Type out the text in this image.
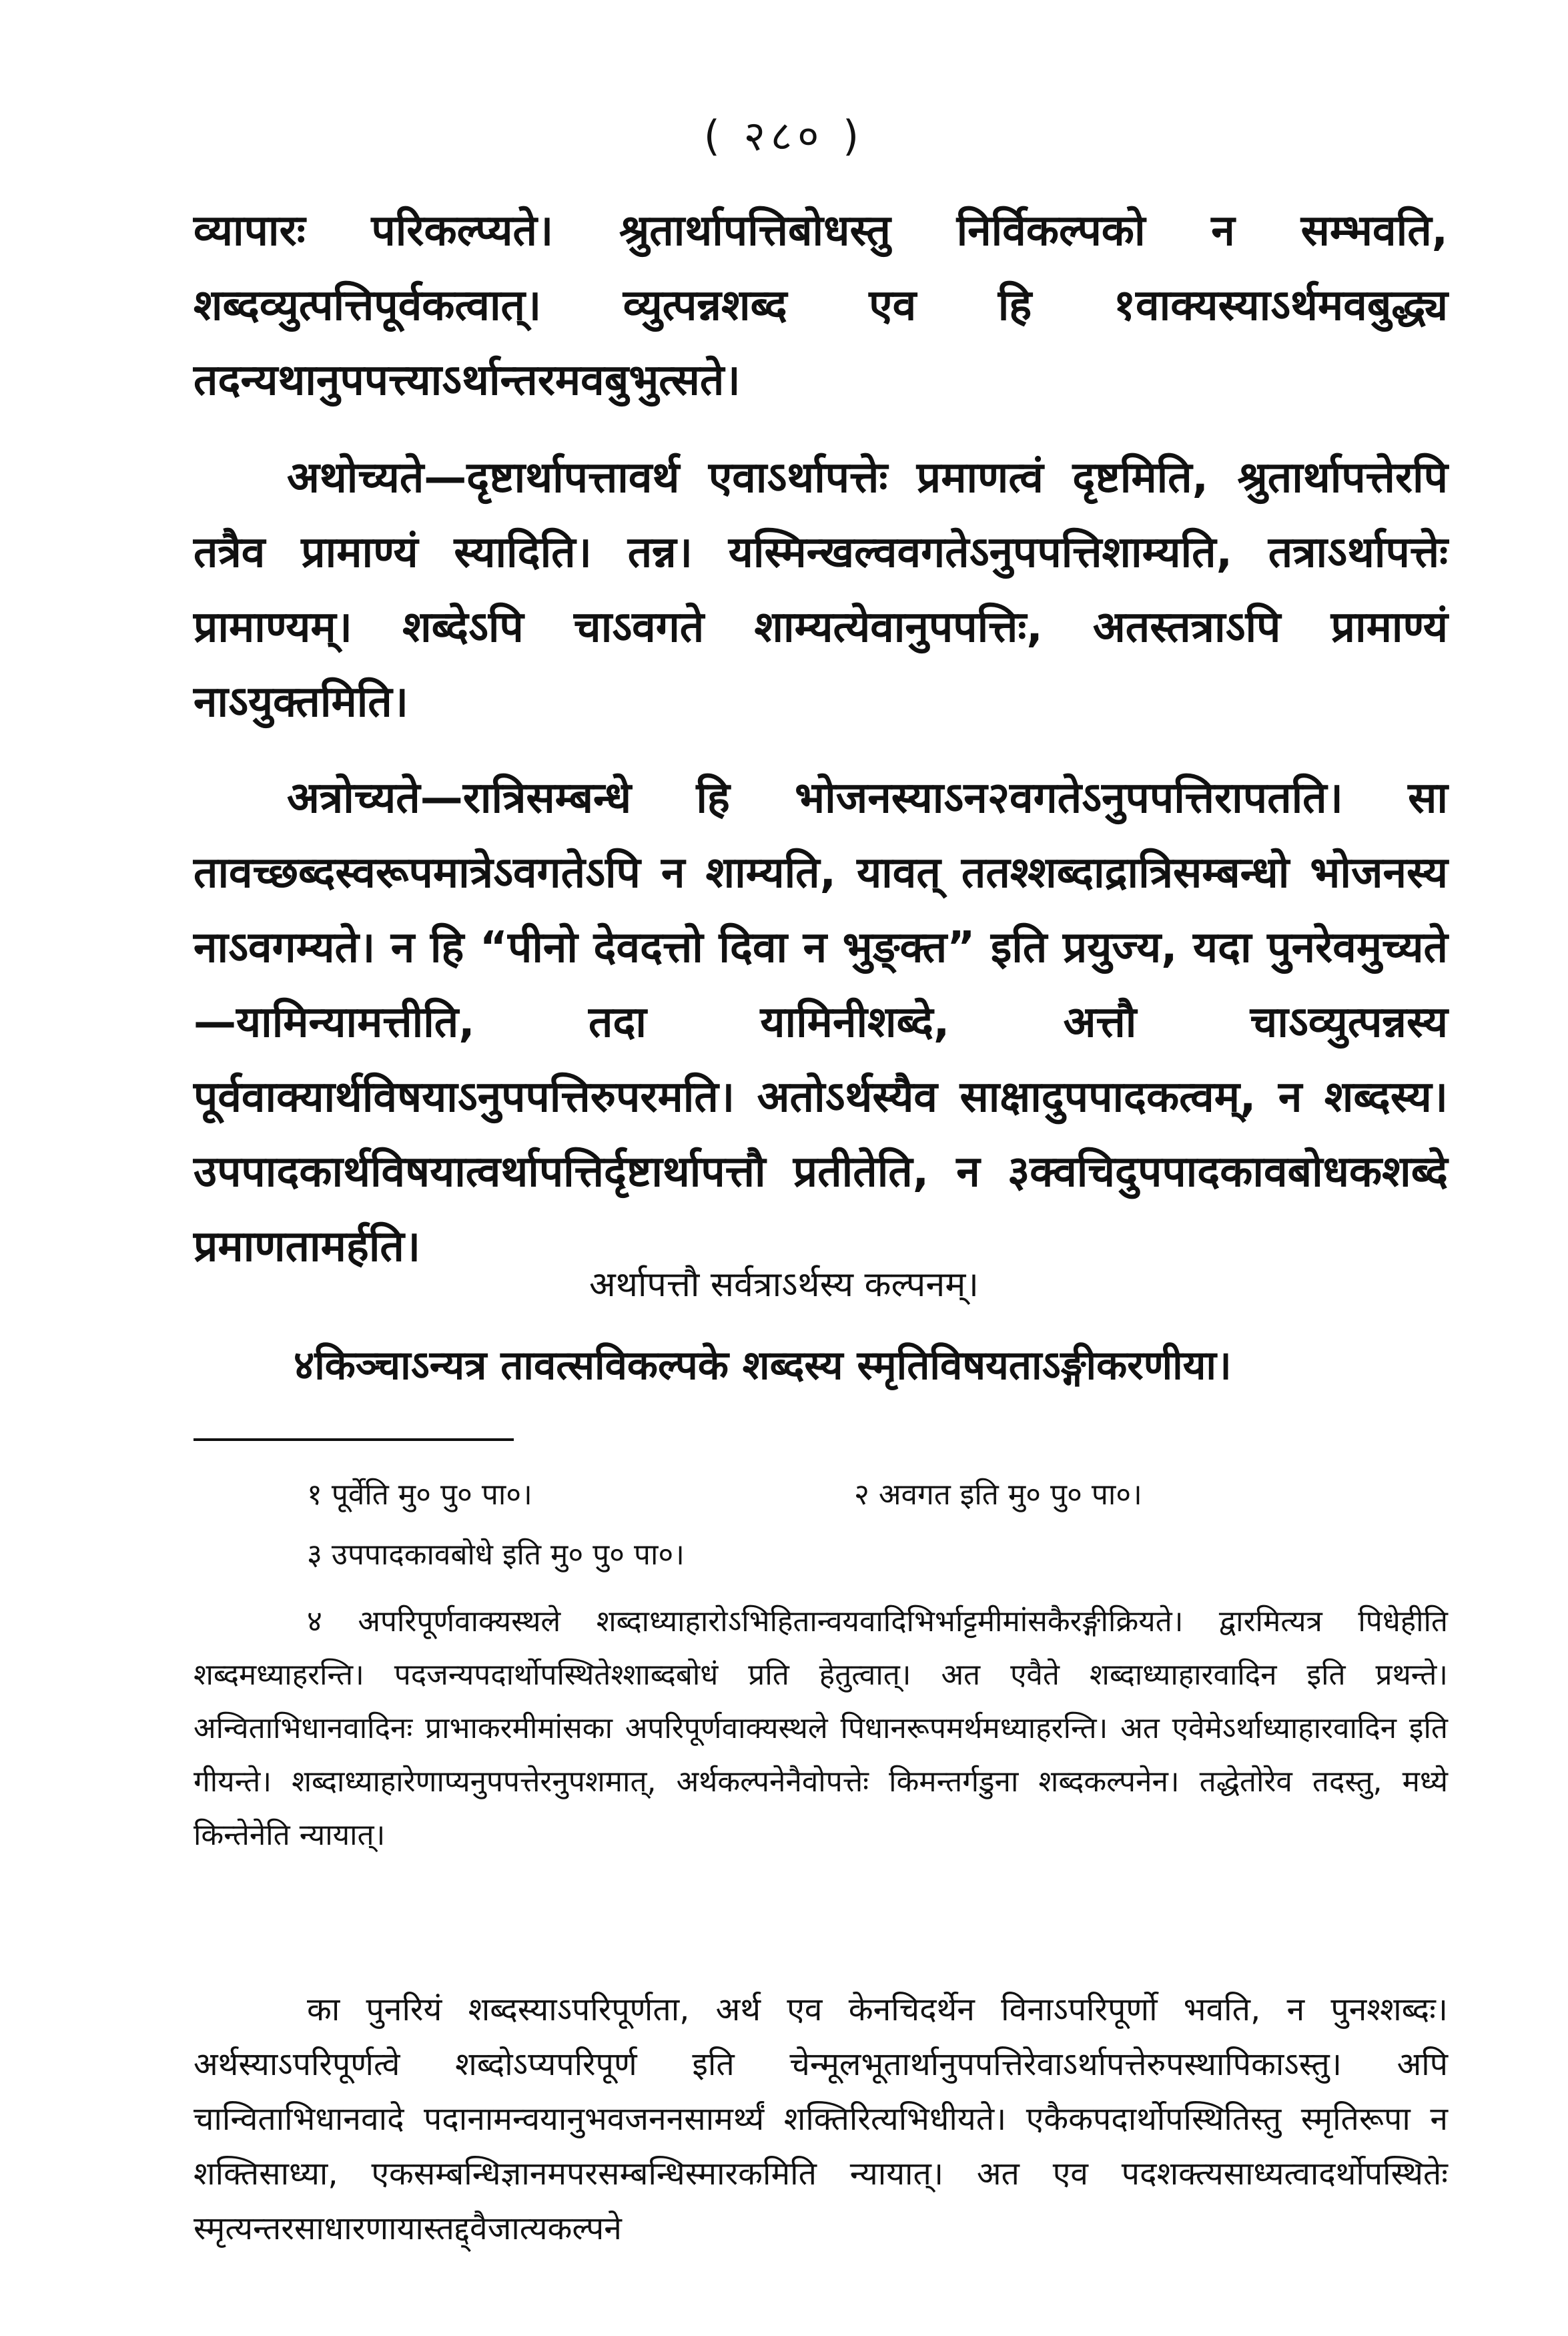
( २८० )

व्यापारः परिकल्प्यते। श्रुतार्थापत्तिबोधस्तु निर्विकल्पको न सम्भवति, शब्दव्युत्पत्तिपूर्वकत्वात्। व्युत्पन्नशब्द एव हि १वाक्यस्याऽर्थमवबुद्ध्य तदन्यथानुपपत्त्याऽर्थान्तरमवबुभुत्सते।

अथोच्यते—दृष्टार्थापत्तावर्थ एवाऽर्थापत्तेः प्रमाणत्वं दृष्टमिति, श्रुतार्थापत्तेरपि तत्रैव प्रामाण्यं स्यादिति। तन्न। यस्मिन्खल्ववगतेऽनुपपत्तिशाम्यति, तत्राऽर्थापत्तेः प्रामाण्यम्। शब्देऽपि चाऽवगते शाम्यत्येवानुपपत्तिः, अतस्तत्राऽपि प्रामाण्यं नाऽयुक्तमिति।

अत्रोच्यते—रात्रिसम्बन्धे हि भोजनस्याऽन२वगतेऽनुपपत्तिरापतति। सा तावच्छब्दस्वरूपमात्रेऽवगतेऽपि न शाम्यति, यावत् ततश्शब्दाद्रात्रिसम्बन्धो भोजनस्य नाऽवगम्यते। न हि “पीनो देवदत्तो दिवा न भुङ्क्त” इति प्रयुज्य, यदा पुनरेवमुच्यते—यामिन्यामत्तीति, तदा यामिनीशब्दे, अत्तौ चाऽव्युत्पन्नस्य पूर्ववाक्यार्थविषयाऽनुपपत्तिरुपरमति। अतोऽर्थस्यैव साक्षादुपपादकत्वम्, न शब्दस्य। उपपादकार्थविषयात्वर्थापत्तिर्दृष्टार्थापत्तौ प्रतीतेति, न ३क्वचिदुपपादकावबोधकशब्दे प्रमाणतामर्हति।

अर्थापत्तौ सर्वत्राऽर्थस्य कल्पनम्।

४किञ्चाऽन्यत्र तावत्सविकल्पके शब्दस्य स्मृतिविषयताऽङ्गीकरणीया।

१ पूर्वेति मु० पु० पा०।	२ अवगत इति मु० पु० पा०।

३ उपपादकावबोधे इति मु० पु० पा०।

४ अपरिपूर्णवाक्यस्थले शब्दाध्याहारोऽभिहितान्वयवादिभिर्भाट्टमीमांसकैरङ्गीक्रियते। द्वारमित्यत्र पिधेहीति शब्दमध्याहरन्ति। पदजन्यपदार्थोपस्थितेश्शाब्दबोधं प्रति हेतुत्वात्। अत एवैते शब्दाध्याहारवादिन इति प्रथन्ते। अन्विताभिधानवादिनः प्राभाकरमीमांसका अपरिपूर्णवाक्यस्थले पिधानरूपमर्थमध्याहरन्ति। अत एवेमेऽर्थाध्याहारवादिन इति गीयन्ते। शब्दाध्याहारेणाप्यनुपपत्तेरनुपशमात्, अर्थकल्पनेनैवोपत्तेः किमन्तर्गडुना शब्दकल्पनेन। तद्धेतोरेव तदस्तु, मध्ये किन्तेनेति न्यायात्।

का पुनरियं शब्दस्याऽपरिपूर्णता, अर्थ एव केनचिदर्थेन विनाऽपरिपूर्णो भवति, न पुनश्शब्दः। अर्थस्याऽपरिपूर्णत्वे शब्दोऽप्यपरिपूर्ण इति चेन्मूलभूतार्थानुपपत्तिरेवाऽर्थापत्तेरुपस्थापिकाऽस्तु। अपि चान्विताभिधानवादे पदानामन्वयानुभवजननसामर्थ्यं शक्तिरित्यभिधीयते। एकैकपदार्थोपस्थितिस्तु स्मृतिरूपा न शक्तिसाध्या, एकसम्बन्धिज्ञानमपरसम्बन्धिस्मारकमिति न्यायात्। अत एव पदशक्त्यसाध्यत्वादर्थोपस्थितेः स्मृत्यन्तरसाधारणायास्तद्द्वैजात्यकल्पने
